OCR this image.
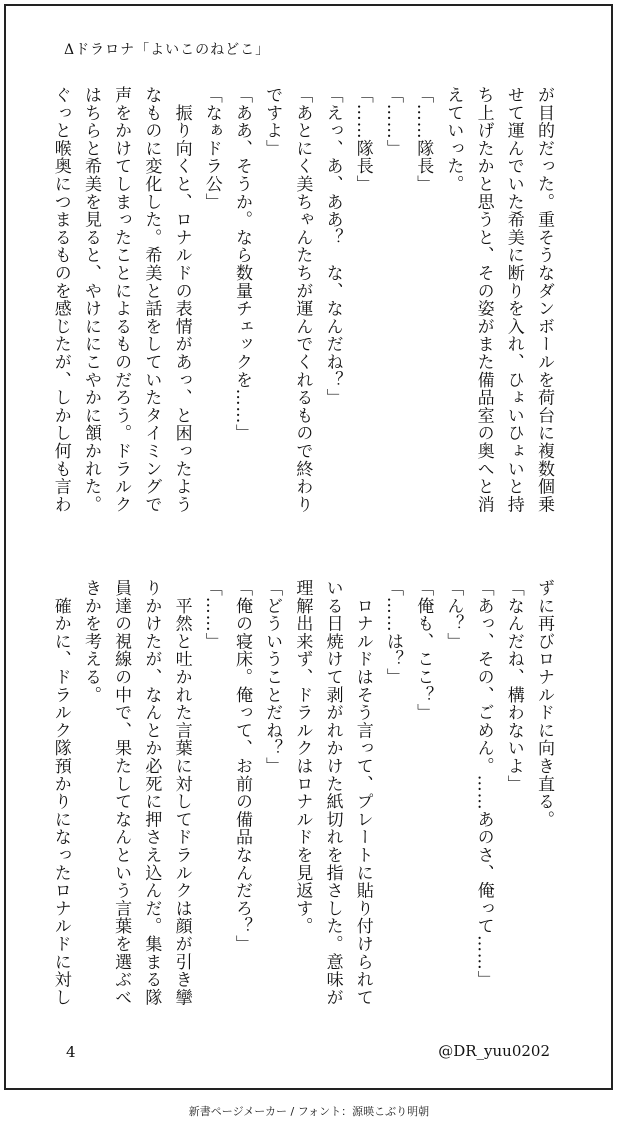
Δドラロナ「よいこのねどこ」

が目的だった。重そうなダンボールを荷台に複数個乗

せて運んでいた希美に断りを入れ、ひょいひょいと持

ち上げたかと思うと、その姿がまた備品室の奥へと消

えていった。

「……隊長」

「……」

「……隊長」

「えっ、あ、ああ？　な、なんだね？」

「あとにく美ちゃんたちが運んでくれるもので終わり

ですよ」

「ああ、そうか。なら数量チェックを……」

「なぁドラ公」

　振り向くと、ロナルドの表情があっ、と困ったよう

なものに変化した。希美と話をしていたタイミングで

声をかけてしまったことによるものだろう。ドラルク

はちらと希美を見ると、やけににこやかに頷かれた。

ぐっと喉奥につまるものを感じたが、しかし何も言わ

ずに再びロナルドに向き直る。

「なんだね、構わないよ」

「あっ、その、ごめん。……あのさ、俺って……」

「ん？」

「俺も、ここ？」

「……は？」

　ロナルドはそう言って、プレートに貼り付けられて

いる日焼けて剥がれかけた紙切れを指さした。意味が

理解出来ず、ドラルクはロナルドを見返す。

「どういうことだね？」

「俺の寝床。俺って、お前の備品なんだろ？」

「……」

　平然と吐かれた言葉に対してドラルクは顔が引き攣

りかけたが、なんとか必死に押さえ込んだ。集まる隊

員達の視線の中で、果たしてなんという言葉を選ぶべ

きかを考える。

　確かに、ドラルク隊預かりになったロナルドに対し

4	@DR_yuu0202
新書ページメーカー / フォント：源暎こぶり明朝
